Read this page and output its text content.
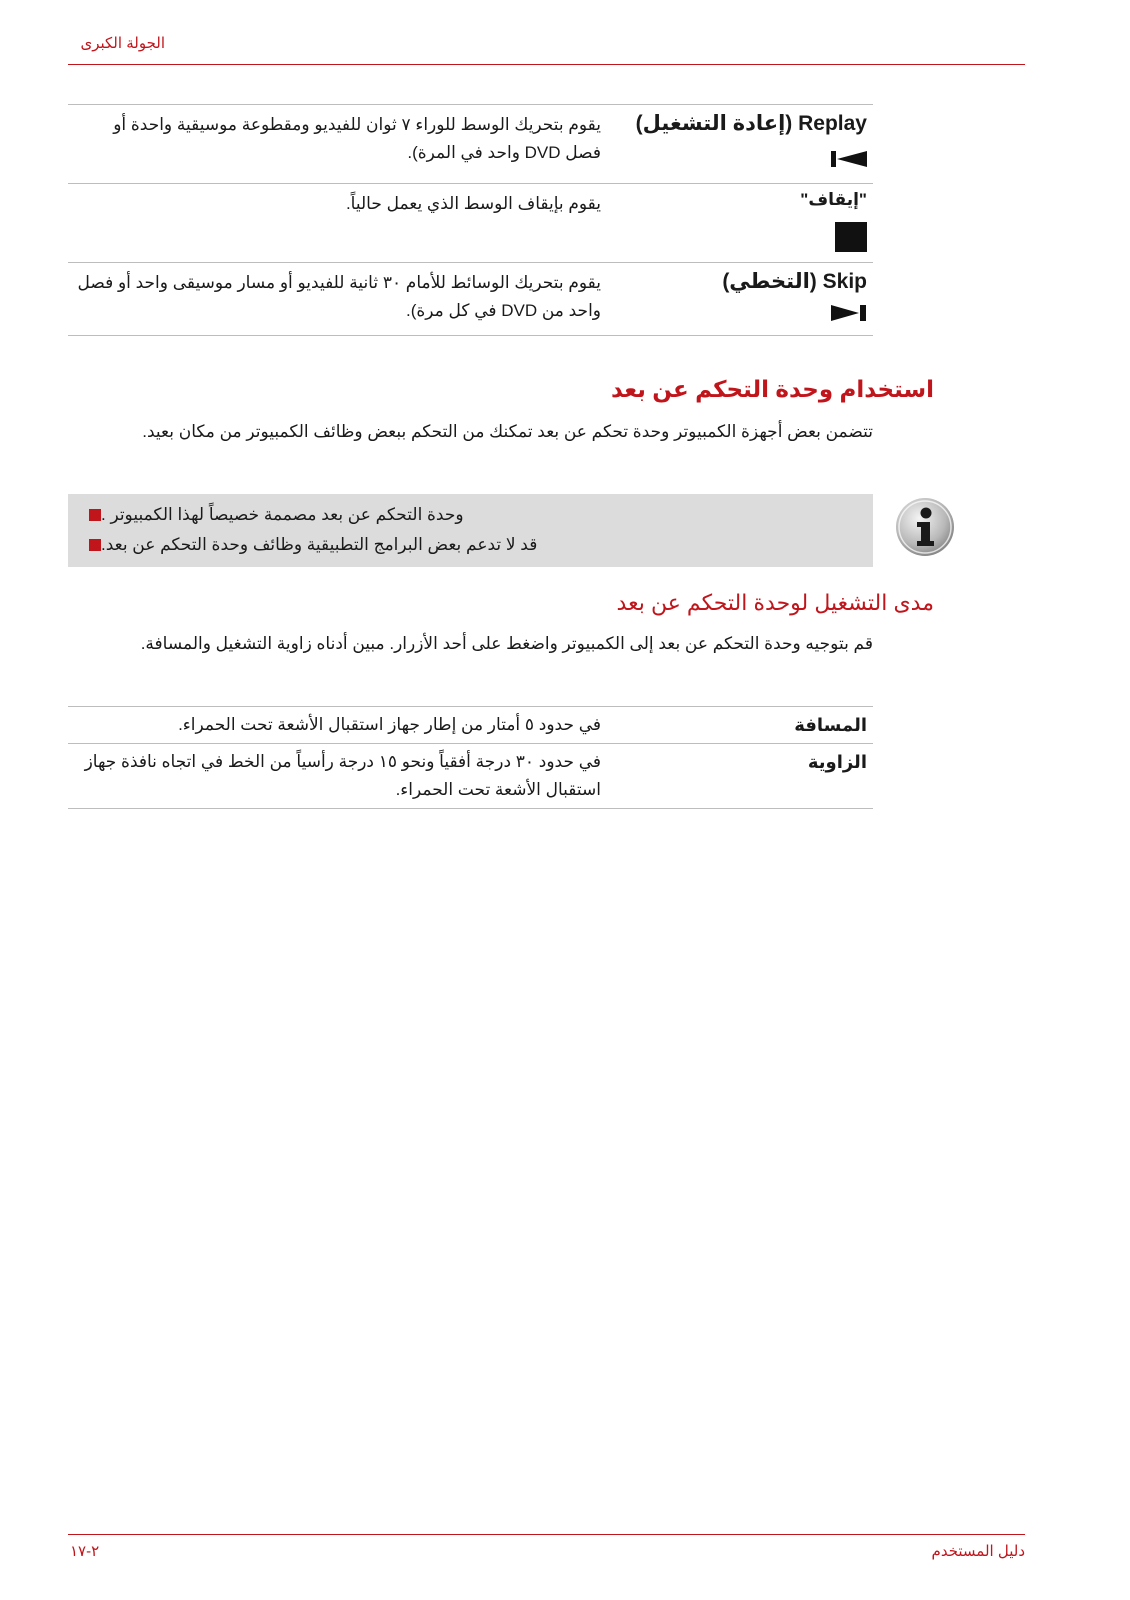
الجولة الكبرى
Replay (إعادة التشغيل)
يقوم بتحريك الوسط للوراء ٧ ثوان للفيديو ومقطوعة موسيقية واحدة أو فصل DVD واحد في المرة).
"إيقاف"
يقوم بإيقاف الوسط الذي يعمل حالياً.
Skip (التخطي)
يقوم بتحريك الوسائط للأمام ٣٠ ثانية للفيديو أو مسار موسيقى واحد أو فصل واحد من DVD في كل مرة).
استخدام وحدة التحكم عن بعد
تتضمن بعض أجهزة الكمبيوتر وحدة تحكم عن بعد تمكنك من التحكم ببعض وظائف الكمبيوتر من مكان بعيد.
وحدة التحكم عن بعد مصممة خصيصاً لهذا الكمبيوتر .
قد لا تدعم بعض البرامج التطبيقية وظائف وحدة التحكم عن بعد.
مدى التشغيل لوحدة التحكم عن بعد
قم بتوجيه وحدة التحكم عن بعد إلى الكمبيوتر واضغط على أحد الأزرار. مبين أدناه زاوية التشغيل والمسافة.
المسافة
في حدود ٥ أمتار من إطار جهاز استقبال الأشعة تحت الحمراء.
الزاوية
في حدود ٣٠ درجة أفقياً ونحو ١٥ درجة رأسياً من الخط في اتجاه نافذة جهاز استقبال الأشعة تحت الحمراء.
٢-١٧	دليل المستخدم
